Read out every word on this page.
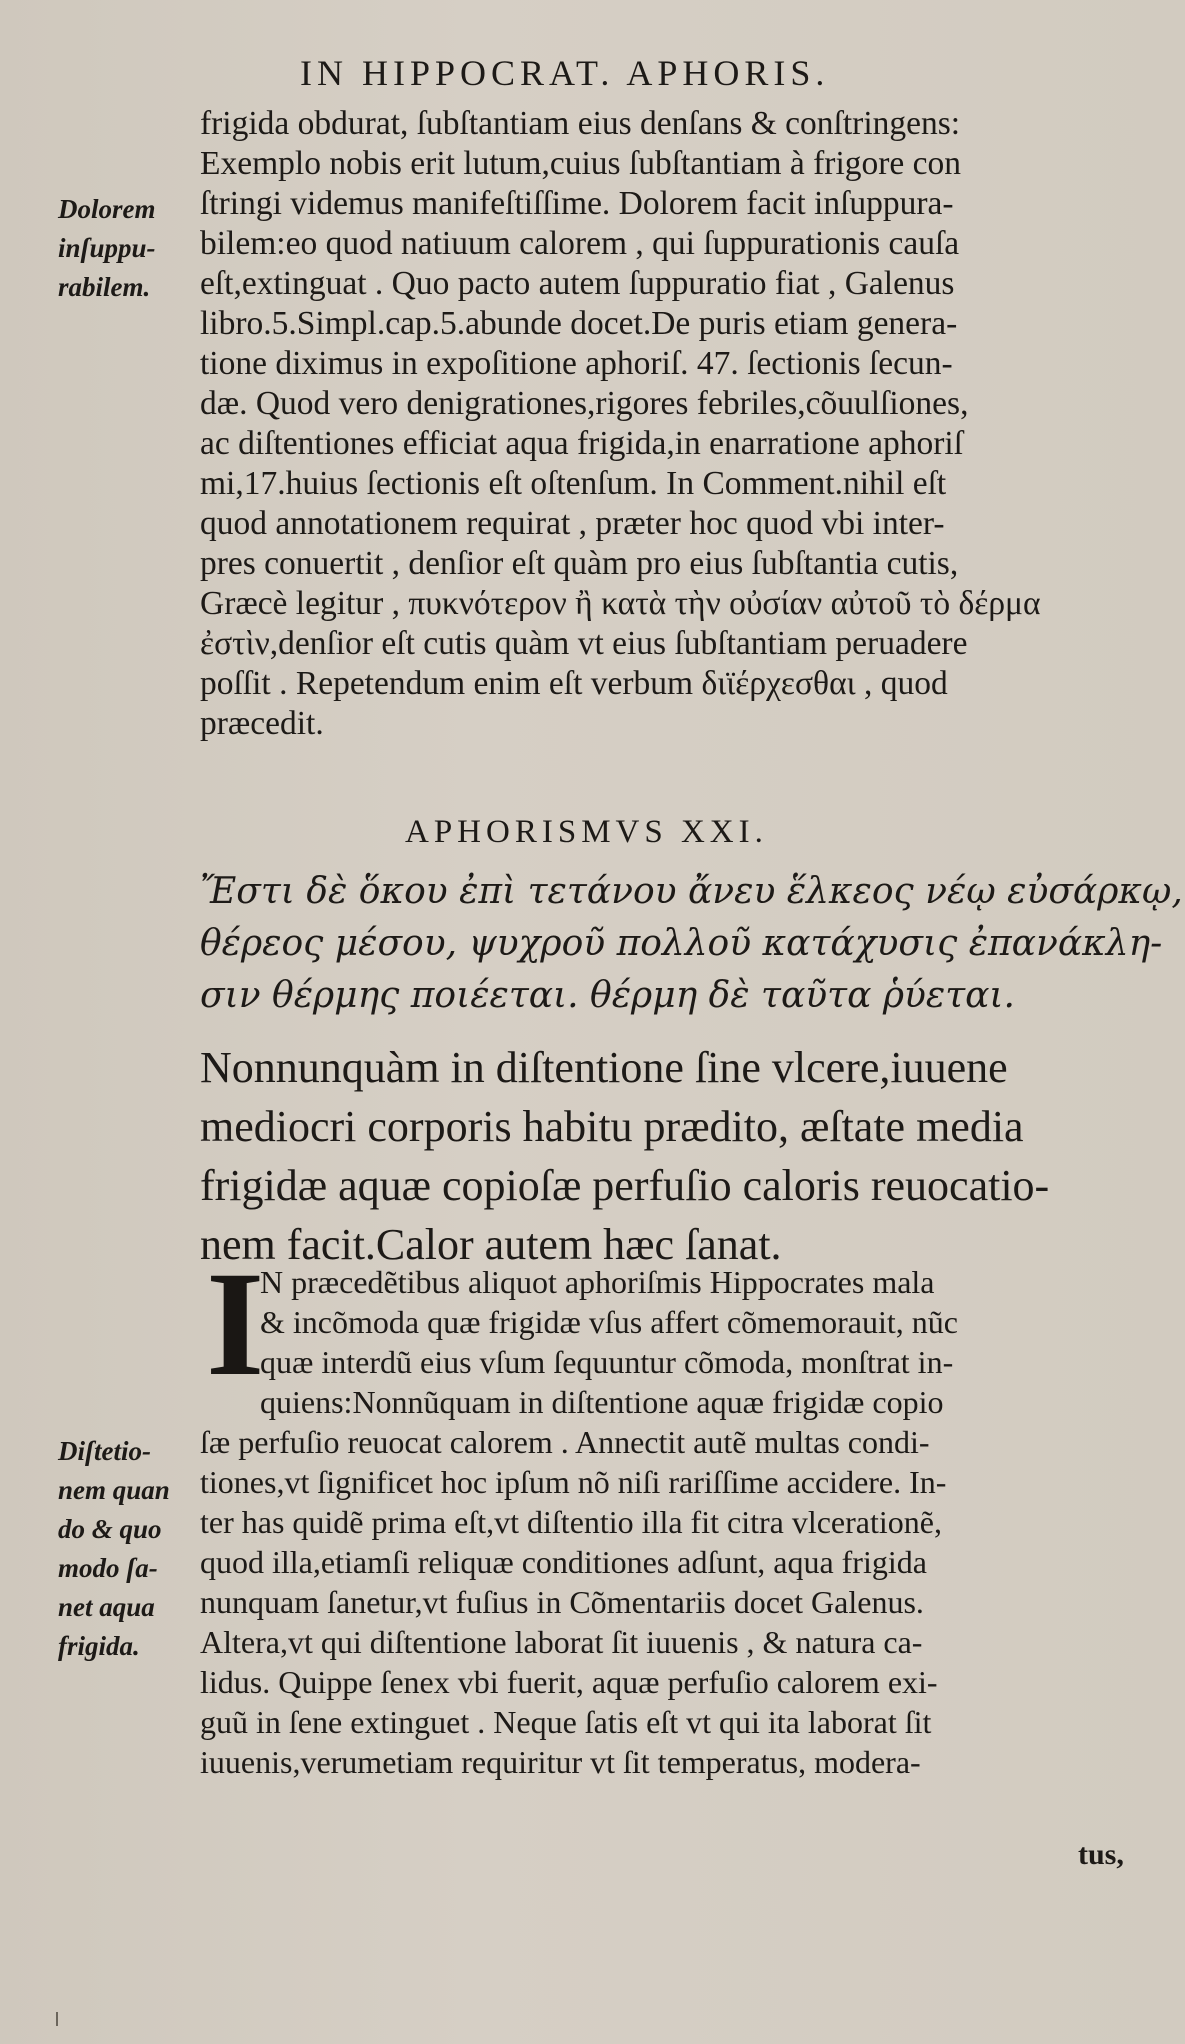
IN HIPPOCRAT. APHORIS.
frigida obdurat, ſubſtantiam eius denſans & conſtringens:
Exemplo nobis erit lutum,cuius ſubſtantiam à frigore con
ſtringi videmus manifeſtiſſime. Dolorem facit inſuppura-
bilem:eo quod natiuum calorem , qui ſuppurationis cauſa
eſt,extinguat . Quo pacto autem ſuppuratio fiat , Galenus
libro.5.Simpl.cap.5.abunde docet.De puris etiam genera-
tione diximus in expoſitione aphoriſ. 47. ſectionis ſecun-
dæ. Quod vero denigrationes,rigores febriles,cõuulſiones,
ac diſtentiones efficiat aqua frigida,in enarratione aphoriſ
mi,17.huius ſectionis eſt oſtenſum. In Comment.nihil eſt
quod annotationem requirat , præter hoc quod vbi inter-
pres conuertit , denſior eſt quàm pro eius ſubſtantia cutis,
Græcè legitur , πυκνότερον ἢ κατὰ τὴν οὐσίαν αὐτοῦ τὸ δέρμα
ἐστὶν,denſior eſt cutis quàm vt eius ſubſtantiam peruadere
poſſit . Repetendum enim eſt verbum διϊέρχεσθαι , quod
præcedit.
Dolorem
inſuppu-
rabilem.
APHORISMVS XXI.
Ἔστι δὲ ὅκου ἐπὶ τετάνου ἄνευ ἕλκεος νέῳ εὐσάρκῳ,
θέρεος μέσου, ψυχροῦ πολλοῦ κατάχυσις ἐπανάκλη-
σιν θέρμης ποιέεται. θέρμη δὲ ταῦτα ῥύεται.
Nonnunquàm in diſtentione ſine vlcere,iuuene
mediocri corporis habitu prædito, æſtate media
frigidæ aquæ copioſæ perfuſio caloris reuocatio-
nem facit.Calor autem hæc ſanat.
I
N præcedẽtibus aliquot aphoriſmis Hippocrates mala
& incõmoda quæ frigidæ vſus affert cõmemorauit, nũc
quæ interdũ eius vſum ſequuntur cõmoda, monſtrat in-
quiens:Nonnũquam in diſtentione aquæ frigidæ copio
ſæ perfuſio reuocat calorem . Annectit autẽ multas condi-
tiones,vt ſignificet hoc ipſum nõ niſi rariſſime accidere. In-
ter has quidẽ prima eſt,vt diſtentio illa fit citra vlcerationẽ,
quod illa,etiamſi reliquæ conditiones adſunt, aqua frigida
nunquam ſanetur,vt fuſius in Cõmentariis docet Galenus.
Altera,vt qui diſtentione laborat ſit iuuenis , & natura ca-
lidus. Quippe ſenex vbi fuerit, aquæ perfuſio calorem exi-
guũ in ſene extinguet . Neque ſatis eſt vt qui ita laborat ſit
iuuenis,verumetiam requiritur vt ſit temperatus, modera-
Diſtetio-
nem quan
do & quo
modo ſa-
net aqua
frigida.
tus,
